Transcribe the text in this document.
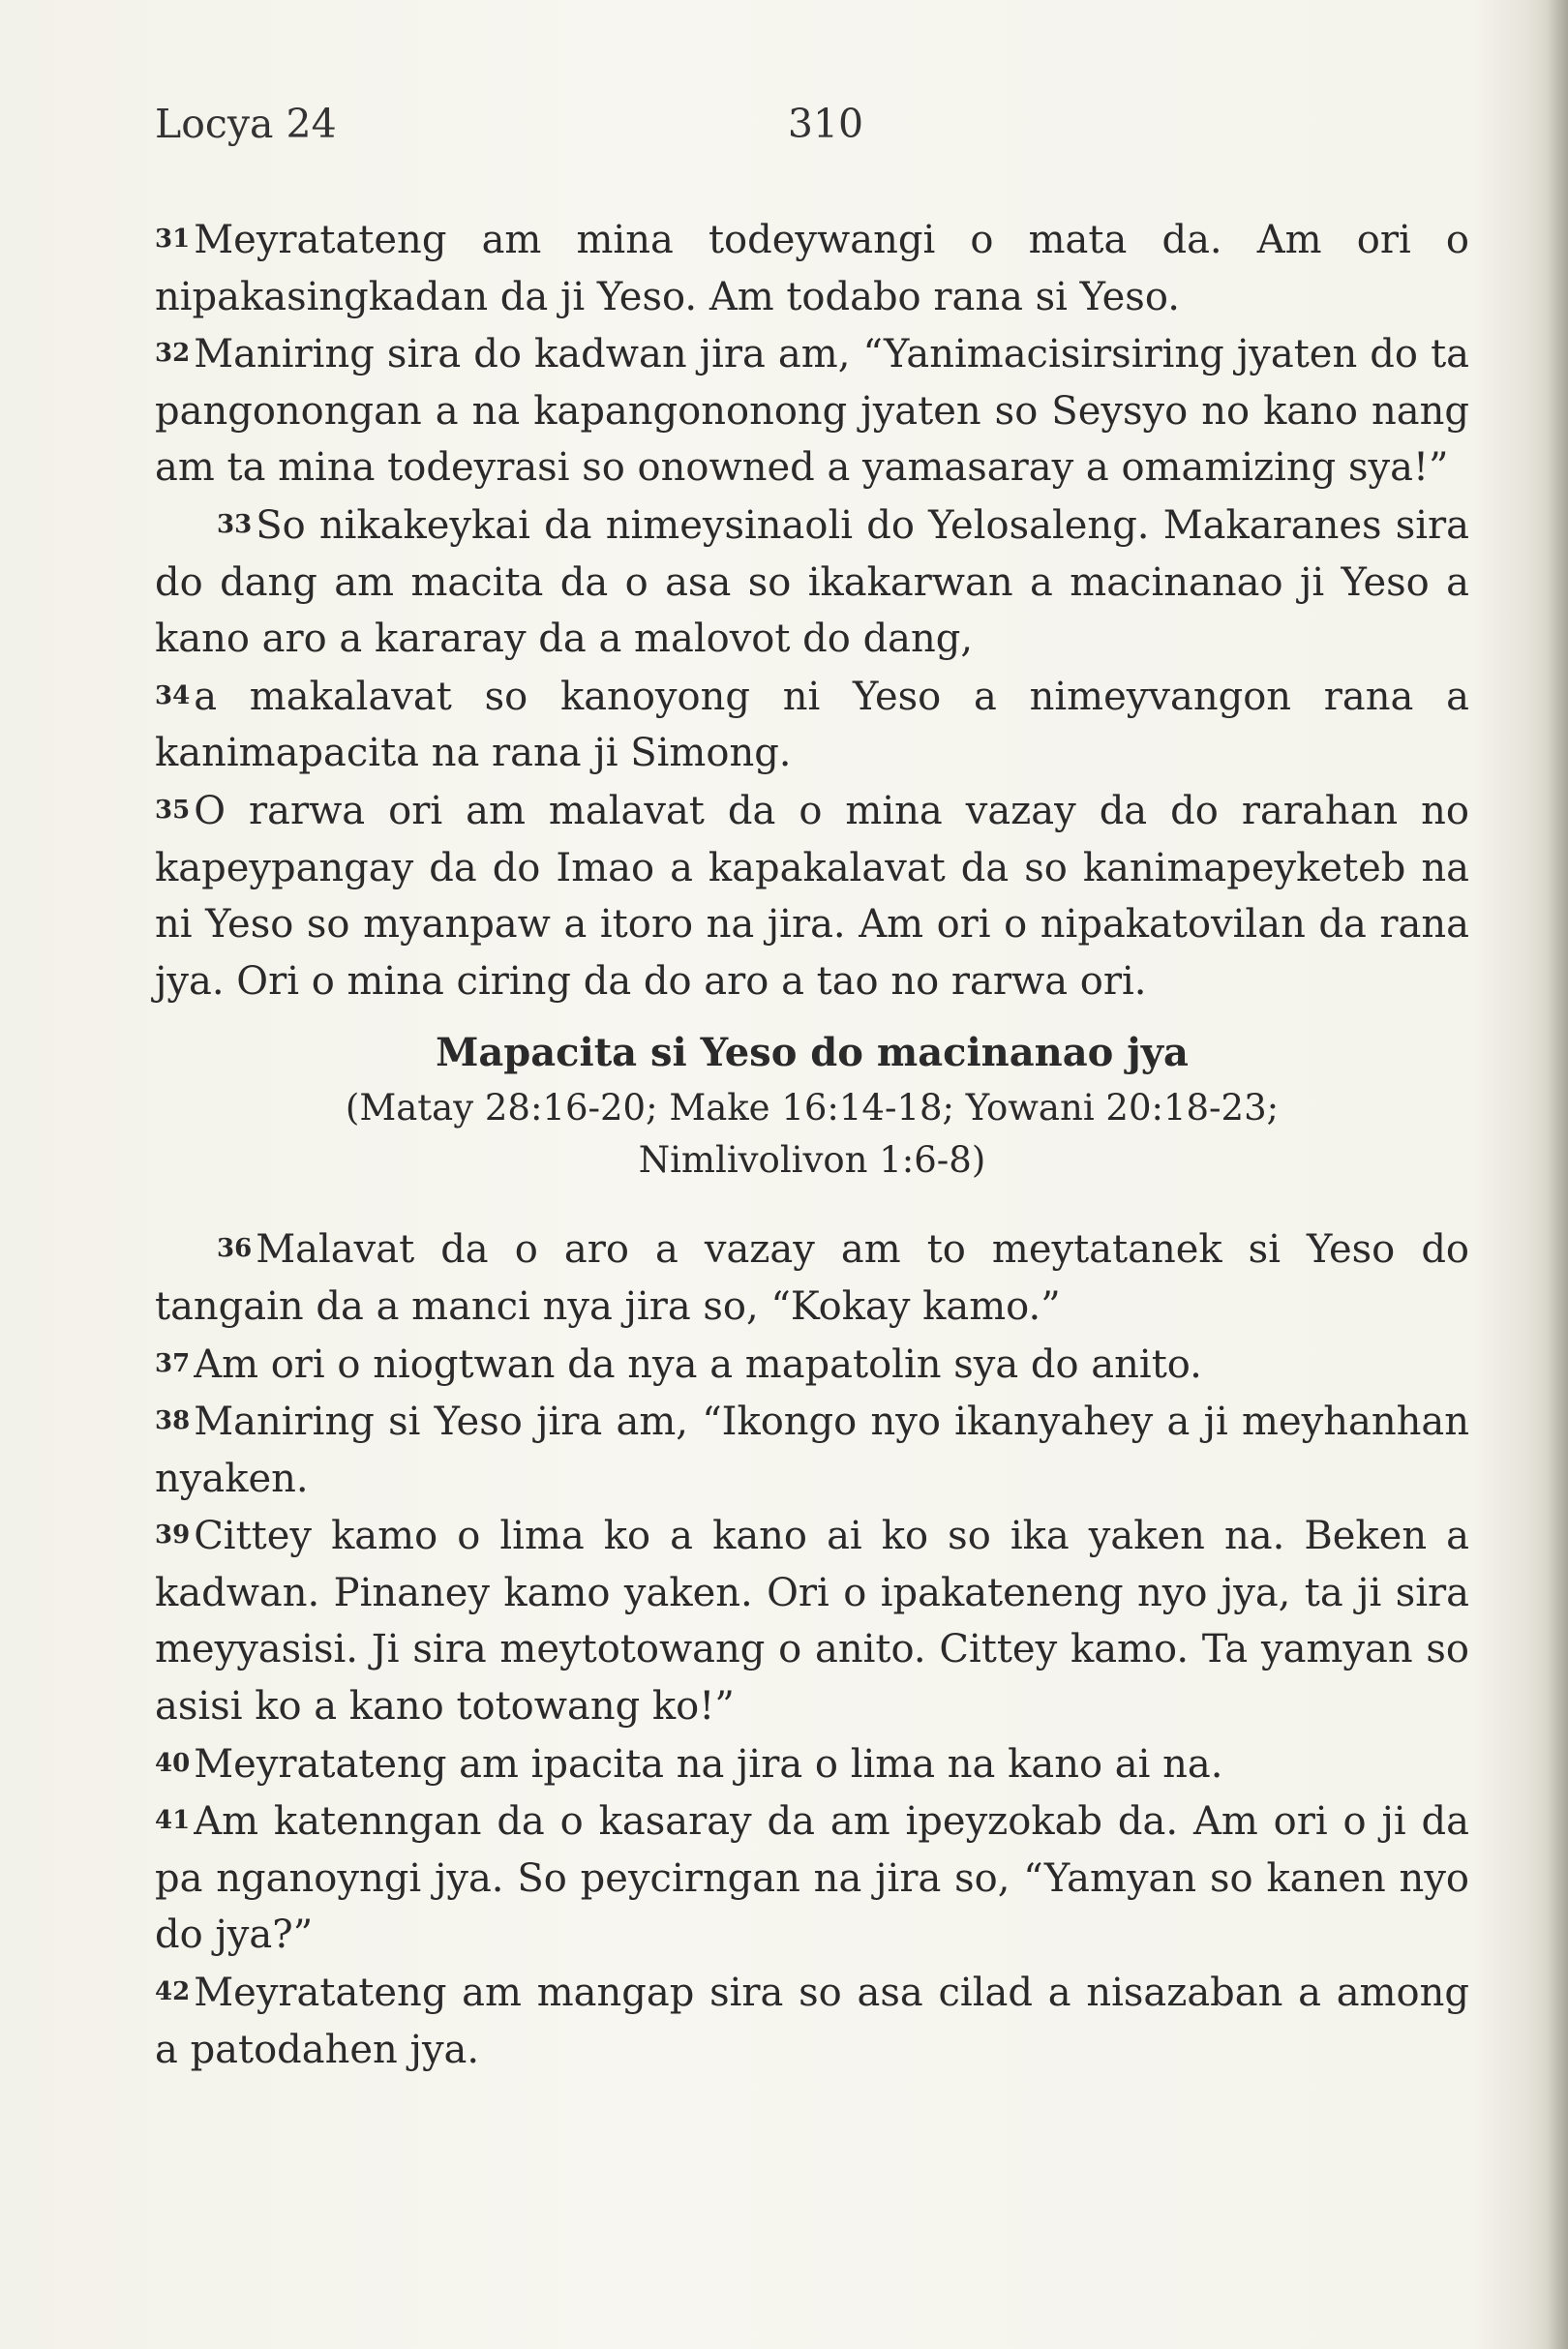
Locya 24	310

31 Meyratateng am mina todeywangi o mata da. Am ori o nipakasingkadan da ji Yeso. Am todabo rana si Yeso.

32 Maniring sira do kadwan jira am, “Yanimacisirsiring jyaten do ta pangonongan a na kapangononong jyaten so Seysyo no kano nang am ta mina todeyrasi so onowned a yamasaray a omamizing sya!”

33 So nikakeykai da nimeysinaoli do Yelosaleng. Makaranes sira do dang am macita da o asa so ikakarwan a macinanao ji Yeso a kano aro a kararay da a malovot do dang,

34 a makalavat so kanoyong ni Yeso a nimeyvangon rana a kanimapacita na rana ji Simong.

35 O rarwa ori am malavat da o mina vazay da do rarahan no kapeypangay da do Imao a kapakalavat da so kanimapeyketeb na ni Yeso so myanpaw a itoro na jira. Am ori o nipakatovilan da rana jya. Ori o mina ciring da do aro a tao no rarwa ori.

Mapacita si Yeso do macinanao jya

(Matay 28:16-20; Make 16:14-18; Yowani 20:18-23;

Nimlivolivon 1:6-8)

36 Malavat da o aro a vazay am to meytatanek si Yeso do tangain da a manci nya jira so, “Kokay kamo.”

37 Am ori o niogtwan da nya a mapatolin sya do anito.

38 Maniring si Yeso jira am, “Ikongo nyo ikanyahey a ji meyhanhan nyaken.

39 Cittey kamo o lima ko a kano ai ko so ika yaken na. Beken a kadwan. Pinaney kamo yaken. Ori o ipakateneng nyo jya, ta ji sira meyyasisi. Ji sira meytotowang o anito. Cittey kamo. Ta yamyan so asisi ko a kano totowang ko!”

40 Meyratateng am ipacita na jira o lima na kano ai na.

41 Am katenngan da o kasaray da am ipeyzokab da. Am ori o ji da pa nganoyngi jya. So peycirngan na jira so, “Yamyan so kanen nyo do jya?”

42 Meyratateng am mangap sira so asa cilad a nisazaban a among a patodahen jya.
